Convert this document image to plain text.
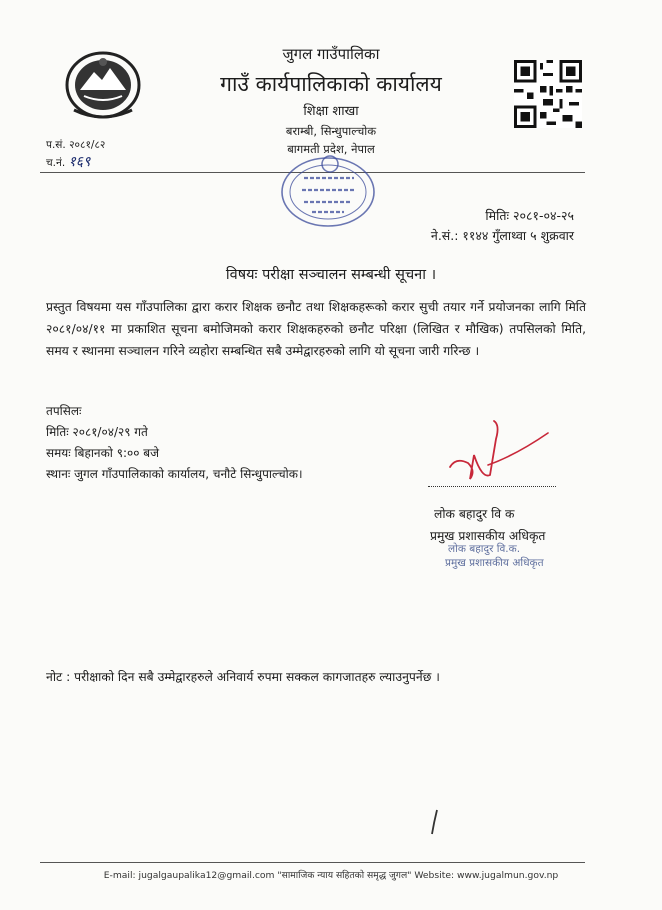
जुगल गाउँपालिका
गाउँ कार्यपालिकाको कार्यालय
शिक्षा शाखा
बराम्बी, सिन्धुपाल्चोक
बागमती प्रदेश, नेपाल
प.सं. २०८१/८२
च.नं. १६९
मितिः २०८१-०४-२५
ने.सं.: ११४४ गुँलाथ्वा ५ शुक्रवार
विषयः परीक्षा सञ्चालन सम्बन्धी सूचना ।
प्रस्तुत विषयमा यस गाँउपालिका द्वारा करार शिक्षक छनौट तथा शिक्षकहरूको करार सुची तयार गर्ने प्रयोजनका लागि मिति २०८१/०४/११ मा प्रकाशित सूचना बमोजिमको करार शिक्षकहरुको छनौट परिक्षा (लिखित र मौखिक) तपसिलको मिति, समय र स्थानमा सञ्चालन गरिने व्यहोरा सम्बन्धित सबै उम्मेद्वारहरुको लागि यो सूचना जारी गरिन्छ ।
तपसिलः
मितिः २०८१/०४/२९ गते
समयः बिहानको ९:०० बजे
स्थानः जुगल गाँउपालिकाको कार्यालय, चनौटे सिन्धुपाल्चोक।
लोक बहादुर वि क
प्रमुख प्रशासकीय अधिकृत
लोक बहादुर वि.क.
प्रमुख प्रशासकीय अधिकृत
नोट : परीक्षाको दिन सबै उम्मेद्वारहरुले अनिवार्य रुपमा सक्कल कागजातहरु ल्याउनुपर्नेछ ।
E-mail: jugalgaupalika12@gmail.com "सामाजिक न्याय सहितको समृद्ध जुगल" Website: www.jugalmun.gov.np
